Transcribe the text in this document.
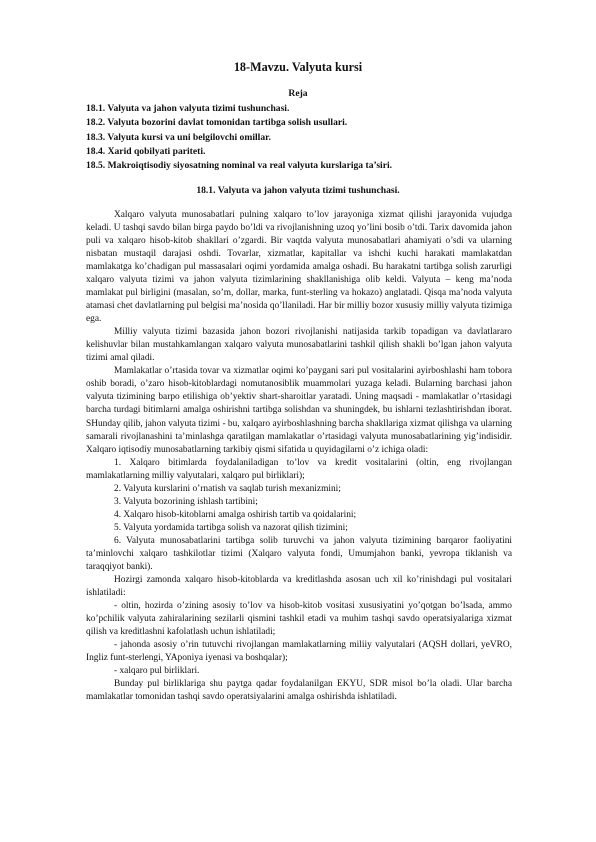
18-Mavzu. Valyuta kursi
Reja
18.1. Valyuta va jahon valyuta tizimi tushunchasi.
18.2. Valyuta bozorini davlat tomonidan tartibga solish usullari.
18.3. Valyuta kursi va uni belgilovchi omillar.
18.4. Xarid qobilyati pariteti.
18.5. Makroiqtisodiy siyosatning nominal va real valyuta kurslariga ta’siri.
18.1. Valyuta va jahon valyuta tizimi tushunchasi.

Xalqaro valyuta munosabatlari pulning xalqaro to’lov jarayoniga xizmat qilishi jarayonida vujudga keladi. U tashqi savdo bilan birga paydo bo’ldi va rivojlanishning uzoq yo’lini bosib o’tdi. Tarix davomida jahon puli va xalqaro hisob-kitob shakllari o’zgardi. Bir vaqtda valyuta munosabatlari ahamiyati o’sdi va ularning nisbatan mustaqil darajasi oshdi. Tovarlar, xizmatlar, kapitallar va ishchi kuchi harakati mamlakatdan mamlakatga ko’chadigan pul massasalari oqimi yordamida amalga oshadi. Bu harakatni tartibga solish zarurligi xalqaro valyuta tizimi va jahon valyuta tizimlarining shakllanishiga olib keldi. Valyuta – keng ma’noda mamlakat pul birligini (masalan, so’m, dollar, marka, funt-sterling va hokazo) anglatadi. Qisqa ma’noda valyuta atamasi chet davlatlarning pul belgisi ma’nosida qo’llaniladi. Har bir milliy bozor xususiy milliy valyuta tizimiga ega.

Milliy valyuta tizimi bazasida jahon bozori rivojlanishi natijasida tarkib topadigan va davlatlararo kelishuvlar bilan mustahkamlangan xalqaro valyuta munosabatlarini tashkil qilish shakli bo’lgan jahon valyuta tizimi amal qiladi.

Mamlakatlar o’rtasida tovar va xizmatlar oqimi ko’paygani sari pul vositalarini ayirboshlashi ham tobora oshib boradi, o’zaro hisob-kitoblardagi nomutanosiblik muammolari yuzaga keladi. Bularning barchasi jahon valyuta tizimining barpo etilishiga ob’yektiv shart-sharoitlar yaratadi. Uning maqsadi - mamlakatlar o’rtasidagi barcha turdagi bitimlarni amalga oshirishni tartibga solishdan va shuningdek, bu ishlarni tezlashtirishdan iborat. SHunday qilib, jahon valyuta tizimi - bu, xalqaro ayirboshlashning barcha shakllariga xizmat qilishga va ularning samarali rivojlanashini ta’minlashga qaratilgan mamlakatlar o’rtasidagi valyuta munosabatlarining yig’indisidir. Xalqaro iqtisodiy munosabatlarning tarkibiy qismi sifatida u quyidagilarni o’z ichiga oladi:

1. Xalqaro bitimlarda foydalaniladigan to’lov va kredit vositalarini (oltin, eng rivojlangan mamlakatlarning milliy valyutalari, xalqaro pul birliklari);

2. Valyuta kurslarini o’rnatish va saqlab turish mexanizmini;

3. Valyuta bozorining ishlash tartibini;

4. Xalqaro hisob-kitoblarni amalga oshirish tartib va qoidalarini;

5. Valyuta yordamida tartibga solish va nazorat qilish tizimini;

6. Valyuta munosabatlarini tartibga solib turuvchi va jahon valyuta tizimining barqaror faoliyatini ta’minlovchi xalqaro tashkilotlar tizimi (Xalqaro valyuta fondi, Umumjahon banki, yevropa tiklanish va taraqqiyot banki).

Hozirgi zamonda xalqaro hisob-kitoblarda va kreditlashda asosan uch xil ko’rinishdagi pul vositalari ishlatiladi:

- oltin, hozirda o’zining asosiy to’lov va hisob-kitob vositasi xususiyatini yo’qotgan bo’lsada, ammo ko’pchilik valyuta zahiralarining sezilarli qismini tashkil etadi va muhim tashqi savdo operatsiyalariga xizmat qilish va kreditlashni kafolatlash uchun ishlatiladi;

- jahonda asosiy o’rin tutuvchi rivojlangan mamlakatlarning miliiy valyutalari (AQSH dollari, yeVRO, Ingliz funt-sterlengi, YAponiya iyenasi va boshqalar);

- xalqaro pul birliklari.

Bunday pul birliklariga shu paytga qadar foydalanilgan EKYU, SDR misol bo’la oladi. Ular barcha mamlakatlar tomonidan tashqi savdo operatsiyalarini amalga oshirishda ishlatiladi.
